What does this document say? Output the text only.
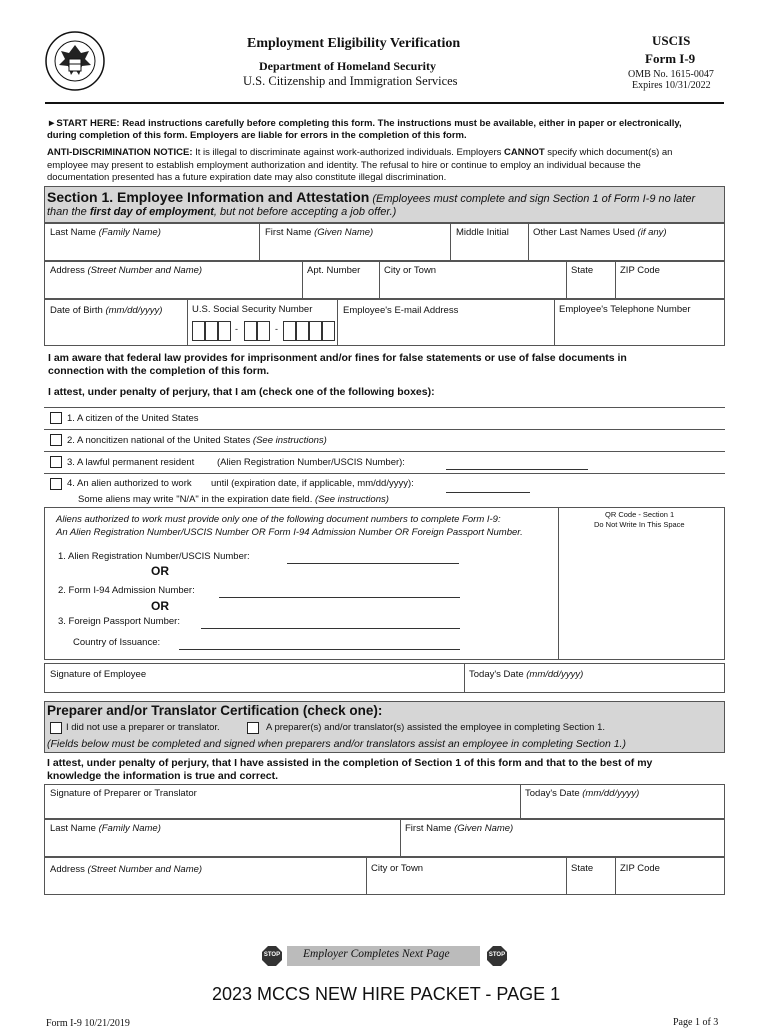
Employment Eligibility Verification
Department of Homeland Security
U.S. Citizenship and Immigration Services
USCIS
Form I-9
OMB No. 1615-0047
Expires 10/31/2022
►START HERE: Read instructions carefully before completing this form. The instructions must be available, either in paper or electronically,
during completion of this form. Employers are liable for errors in the completion of this form.
ANTI-DISCRIMINATION NOTICE: It is illegal to discriminate against work-authorized individuals. Employers CANNOT specify which document(s) an
employee may present to establish employment authorization and identity. The refusal to hire or continue to employ an individual because the
documentation presented has a future expiration date may also constitute illegal discrimination.
Section 1. Employee Information and Attestation (Employees must complete and sign Section 1 of Form I-9 no later
than the first day of employment, but not before accepting a job offer.)
Last Name (Family Name)	First Name (Given Name)	Middle Initial	Other Last Names Used (if any)
Address (Street Number and Name)	Apt. Number City or Town	State	ZIP Code
Date of Birth (mm/dd/yyyy)	U.S. Social Security Number	Employee's E-mail Address	Employee's Telephone Number
-	-
I am aware that federal law provides for imprisonment and/or fines for false statements or use of false documents in
connection with the completion of this form.
I attest, under penalty of perjury, that I am (check one of the following boxes):
1. A citizen of the United States
2. A noncitizen national of the United States (See instructions)
3. A lawful permanent resident (Alien Registration Number/USCIS Number):
4. An alien authorized to work until (expiration date, if applicable, mm/dd/yyyy):
Some aliens may write "N/A" in the expiration date field. (See instructions)
Aliens authorized to work must provide only one of the following document numbers to complete Form I-9:
An Alien Registration Number/USCIS Number OR Form I-94 Admission Number OR Foreign Passport Number.
QR Code - Section 1
Do Not Write In This Space
1. Alien Registration Number/USCIS Number:
OR
2. Form I-94 Admission Number:
OR
3. Foreign Passport Number:
Country of Issuance:
Signature of Employee	Today's Date (mm/dd/yyyy)
Preparer and/or Translator Certification (check one):
I did not use a preparer or translator.	A preparer(s) and/or translator(s) assisted the employee in completing Section 1.
(Fields below must be completed and signed when preparers and/or translators assist an employee in completing Section 1.)
I attest, under penalty of perjury, that I have assisted in the completion of Section 1 of this form and that to the best of my
knowledge the information is true and correct.
Signature of Preparer or Translator	Today's Date (mm/dd/yyyy)
Last Name (Family Name)	First Name (Given Name)
Address (Street Number and Name)	City or Town	State	ZIP Code
STOP Employer Completes Next Page	STOP
Form I-9 10/21/2019
2023 MCCS NEW HIRE PACKET - PAGE 1
Page 1 of 3
